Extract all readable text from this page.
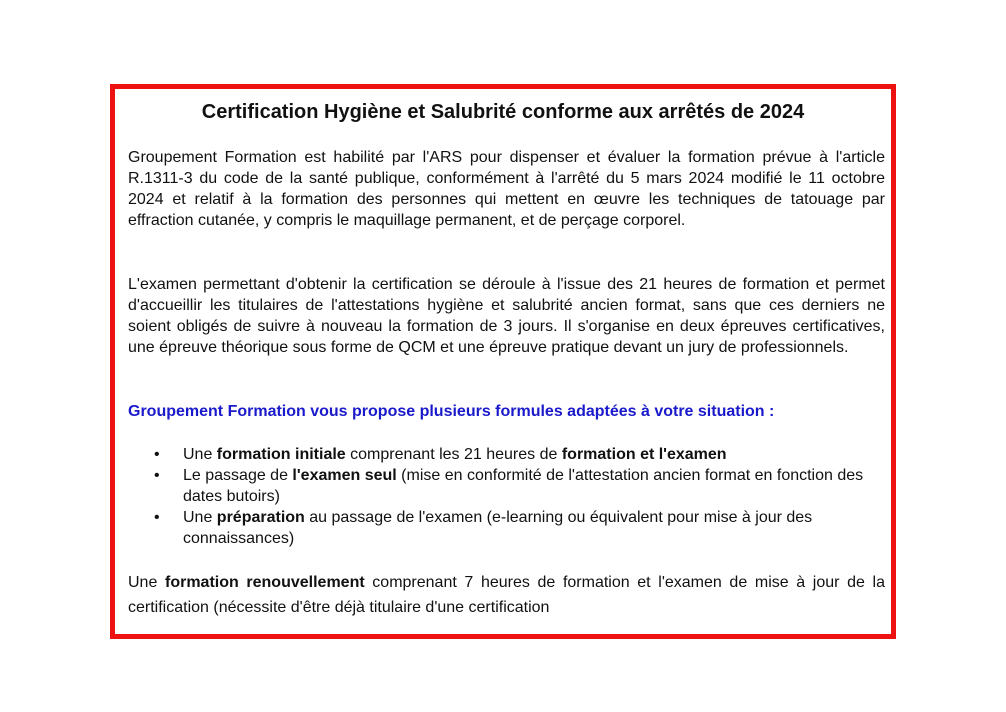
Certification Hygiène et Salubrité conforme aux arrêtés de 2024
Groupement Formation est habilité par l'ARS pour dispenser et évaluer la formation prévue à l'article R.1311-3 du code de la santé publique, conformément à l'arrêté du 5 mars 2024 modifié le 11 octobre 2024 et relatif à la formation des personnes qui mettent en œuvre les techniques de tatouage par effraction cutanée, y compris le maquillage permanent, et de perçage corporel.
L'examen permettant d'obtenir la certification se déroule à l'issue des 21 heures de formation et permet d'accueillir les titulaires de l'attestations hygiène et salubrité ancien format, sans que ces derniers ne soient obligés de suivre à nouveau la formation de 3 jours. Il s'organise en deux épreuves certificatives, une épreuve théorique sous forme de QCM et une épreuve pratique devant un jury de professionnels.
Groupement Formation vous propose plusieurs formules adaptées à votre situation :
• Une formation initiale comprenant les 21 heures de formation et l'examen
• Le passage de l'examen seul (mise en conformité de l'attestation ancien format en fonction des dates butoirs)
• Une préparation au passage de l'examen (e-learning ou équivalent pour mise à jour des connaissances)
Une formation renouvellement comprenant 7 heures de formation et l'examen de mise à jour de la certification (nécessite d'être déjà titulaire d'une certification
